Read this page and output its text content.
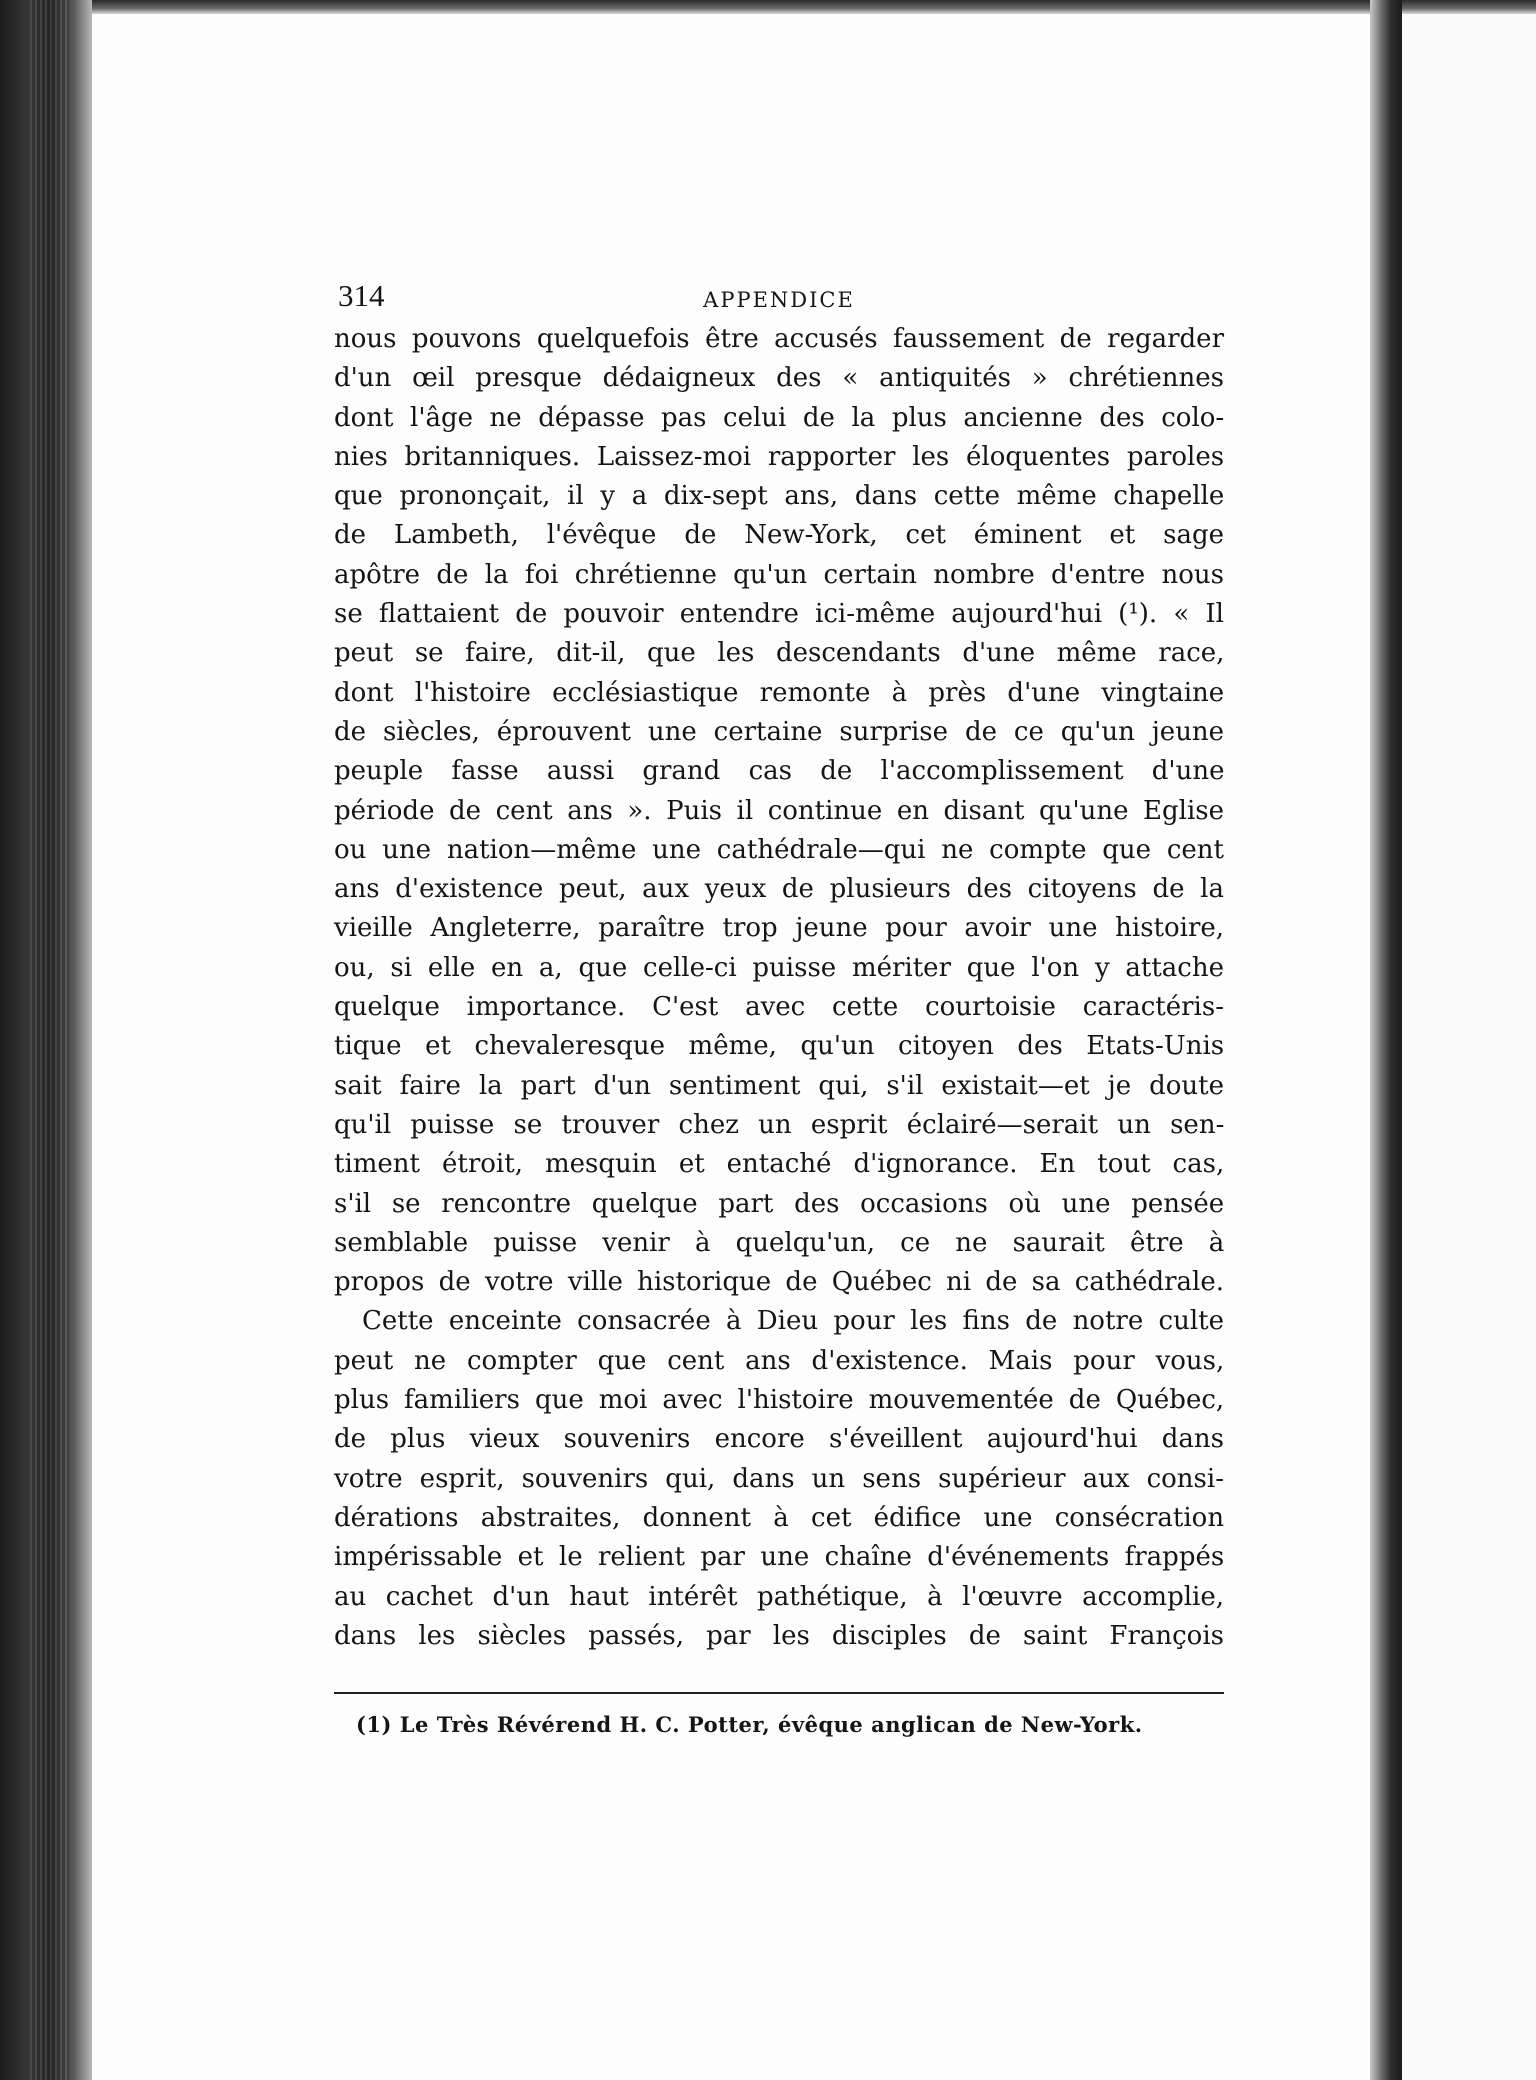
314	APPENDICE
nous pouvons quelquefois être accusés faussement de regarder
d'un œil presque dédaigneux des « antiquités » chrétiennes
dont l'âge ne dépasse pas celui de la plus ancienne des colo-
nies britanniques. Laissez-moi rapporter les éloquentes paroles
que prononçait, il y a dix-sept ans, dans cette même chapelle
de Lambeth, l'évêque de New-York, cet éminent et sage
apôtre de la foi chrétienne qu'un certain nombre d'entre nous
se flattaient de pouvoir entendre ici-même aujourd'hui (¹). « Il
peut se faire, dit-il, que les descendants d'une même race,
dont l'histoire ecclésiastique remonte à près d'une vingtaine
de siècles, éprouvent une certaine surprise de ce qu'un jeune
peuple fasse aussi grand cas de l'accomplissement d'une
période de cent ans ». Puis il continue en disant qu'une Eglise
ou une nation—même une cathédrale—qui ne compte que cent
ans d'existence peut, aux yeux de plusieurs des citoyens de la
vieille Angleterre, paraître trop jeune pour avoir une histoire,
ou, si elle en a, que celle-ci puisse mériter que l'on y attache
quelque importance. C'est avec cette courtoisie caractéris-
tique et chevaleresque même, qu'un citoyen des Etats-Unis
sait faire la part d'un sentiment qui, s'il existait—et je doute
qu'il puisse se trouver chez un esprit éclairé—serait un sen-
timent étroit, mesquin et entaché d'ignorance. En tout cas,
s'il se rencontre quelque part des occasions où une pensée
semblable puisse venir à quelqu'un, ce ne saurait être à
propos de votre ville historique de Québec ni de sa cathédrale.
Cette enceinte consacrée à Dieu pour les fins de notre culte
peut ne compter que cent ans d'existence. Mais pour vous,
plus familiers que moi avec l'histoire mouvementée de Québec,
de plus vieux souvenirs encore s'éveillent aujourd'hui dans
votre esprit, souvenirs qui, dans un sens supérieur aux consi-
dérations abstraites, donnent à cet édifice une consécration
impérissable et le relient par une chaîne d'événements frappés
au cachet d'un haut intérêt pathétique, à l'œuvre accomplie,
dans les siècles passés, par les disciples de saint François
(1) Le Très Révérend H. C. Potter, évêque anglican de New-York.
